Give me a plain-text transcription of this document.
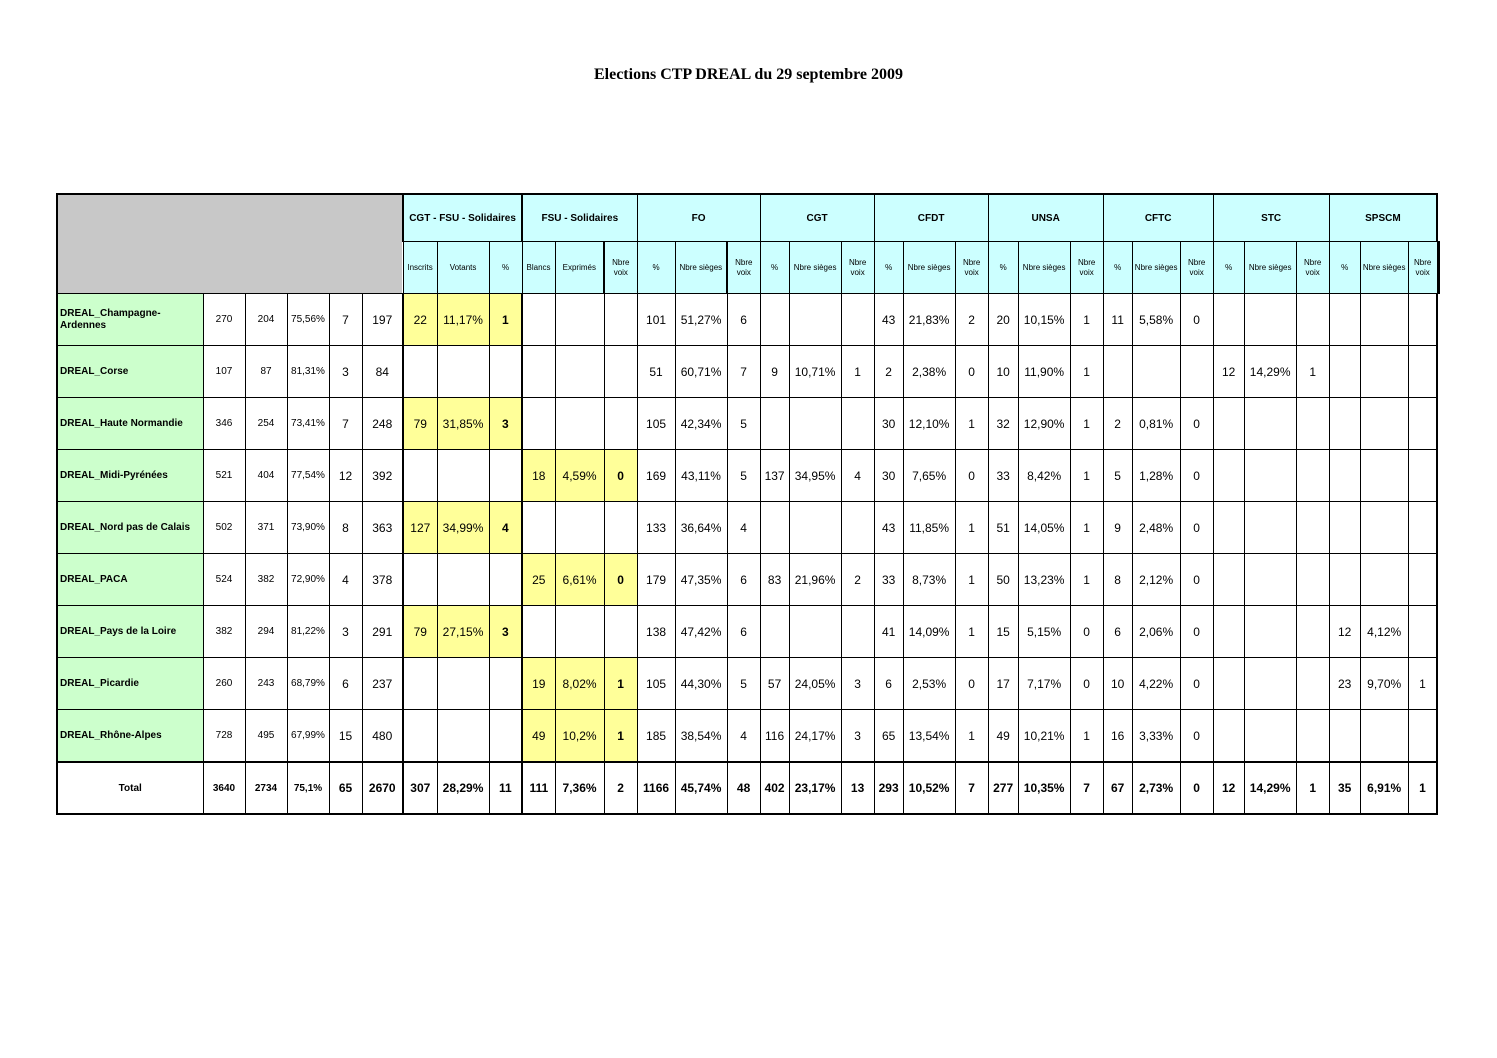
Elections CTP DREAL du 29 septembre 2009
						CGT - FSU - Solidaires			FSU - Solidaires			FO			CGT			CFDT			UNSA			CFTC			STC			SPSCM				
						Inscrits	Votants	%	Blancs	Exprimés	Nbre voix	%	Nbre sièges	Nbre voix	%	Nbre sièges	Nbre voix	%	Nbre sièges	Nbre voix	%	Nbre sièges	Nbre voix	%	Nbre sièges	Nbre voix	%	Nbre sièges	Nbre voix	%	Nbre sièges	Nbre voix					
DREAL_Champagne-Ardennes	270	204	75,56%	7	197	22	11,17%	1				101	51,27%	6				43	21,83%	2	20	10,15%	1	11	5,58%	0								
DREAL_Corse	107	87	81,31%	3	84							51	60,71%	7	9	10,71%	1	2	2,38%	0	10	11,90%	1				12	14,29%	1					
DREAL_Haute Normandie	346	254	73,41%	7	248	79	31,85%	3				105	42,34%	5				30	12,10%	1	32	12,90%	1	2	0,81%	0								
DREAL_Midi-Pyrénées	521	404	77,54%	12	392				18	4,59%	0	169	43,11%	5	137	34,95%	4	30	7,65%	0	33	8,42%	1	5	1,28%	0								
DREAL_Nord pas de Calais	502	371	73,90%	8	363	127	34,99%	4				133	36,64%	4				43	11,85%	1	51	14,05%	1	9	2,48%	0								
DREAL_PACA	524	382	72,90%	4	378				25	6,61%	0	179	47,35%	6	83	21,96%	2	33	8,73%	1	50	13,23%	1	8	2,12%	0								
DREAL_Pays de la Loire	382	294	81,22%	3	291	79	27,15%	3				138	47,42%	6				41	14,09%	1	15	5,15%	0	6	2,06%	0				12	4,12%			
DREAL_Picardie	260	243	68,79%	6	237				19	8,02%	1	105	44,30%	5	57	24,05%	3	6	2,53%	0	17	7,17%	0	10	4,22%	0				23	9,70%	1		
DREAL_Rhône-Alpes	728	495	67,99%	15	480				49	10,2%	1	185	38,54%	4	116	24,17%	3	65	13,54%	1	49	10,21%	1	16	3,33%	0								
Total	3640	2734	75,1%	65	2670	307	28,29%	11	111	7,36%	2	1166	45,74%	48	402	23,17%	13	293	10,52%	7	277	10,35%	7	67	2,73%	0	12	14,29%	1	35	6,91%	1		
